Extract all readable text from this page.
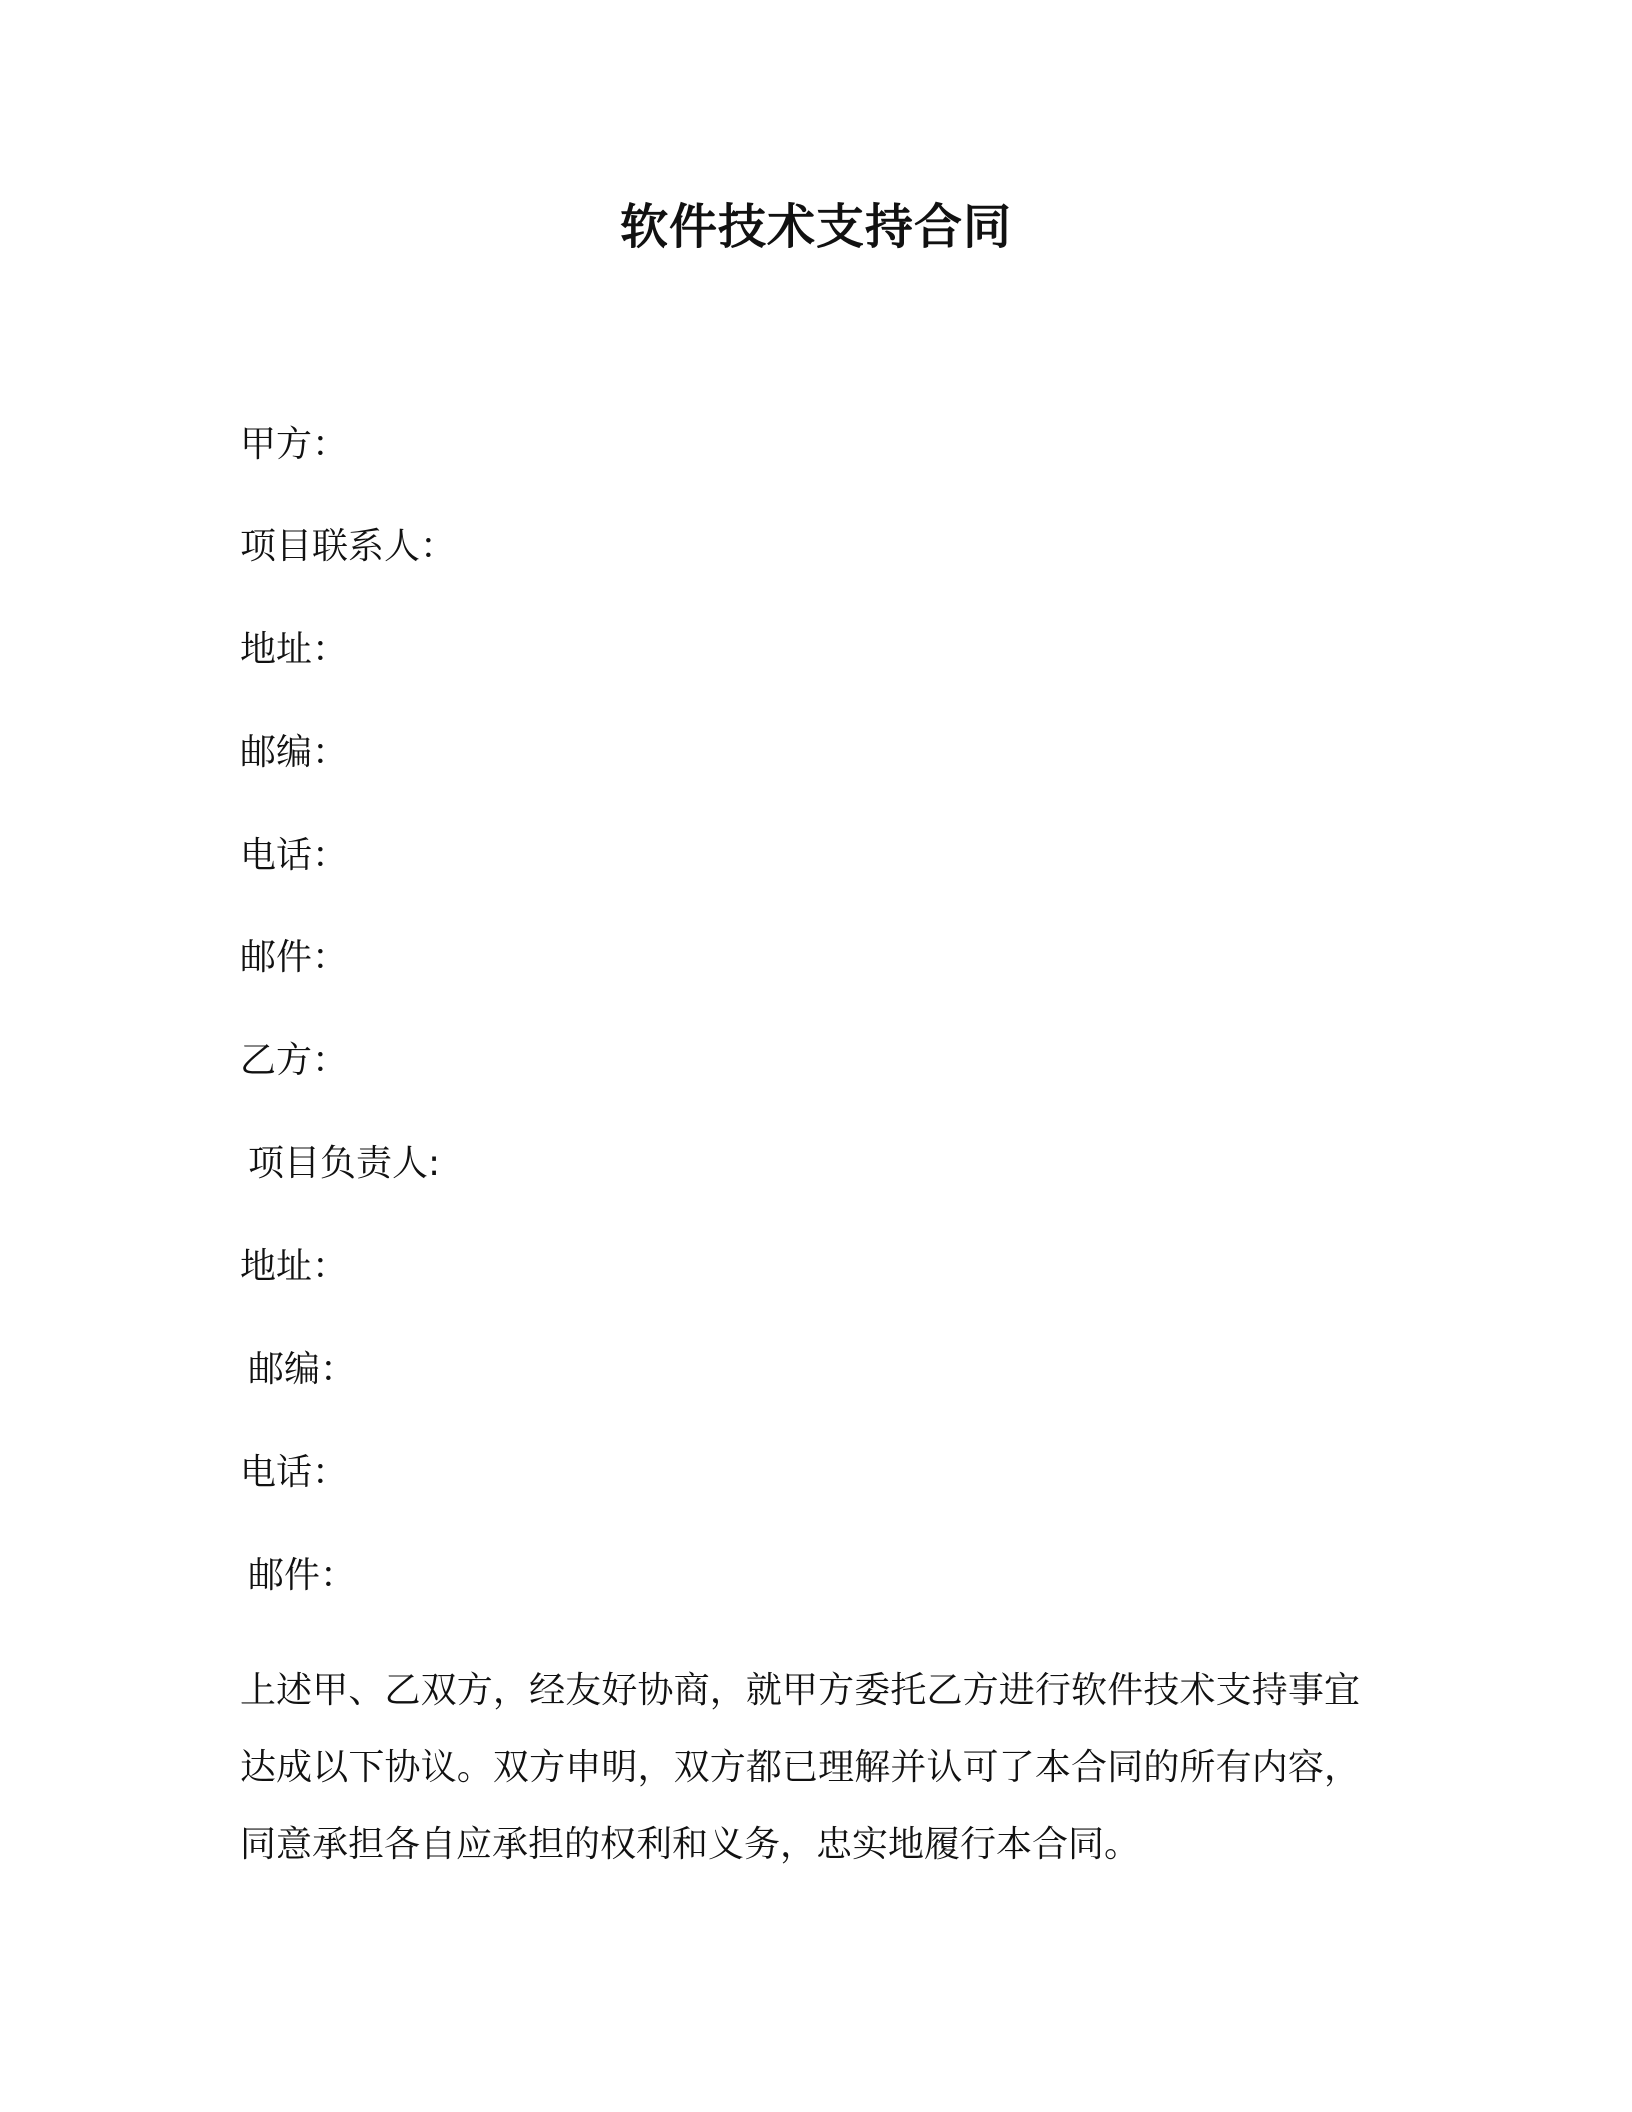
软件技术支持合同

甲方：

项目联系人：

地址：

邮编：

电话：

邮件：

乙方：

项目负责人:

地址：

邮编：

电话：

邮件：

上述甲、乙双方，经友好协商，就甲方委托乙方进行软件技术支持事宜达成以下协议。双方申明，双方都已理解并认可了本合同的所有内容，同意承担各自应承担的权利和义务，忠实地履行本合同。
